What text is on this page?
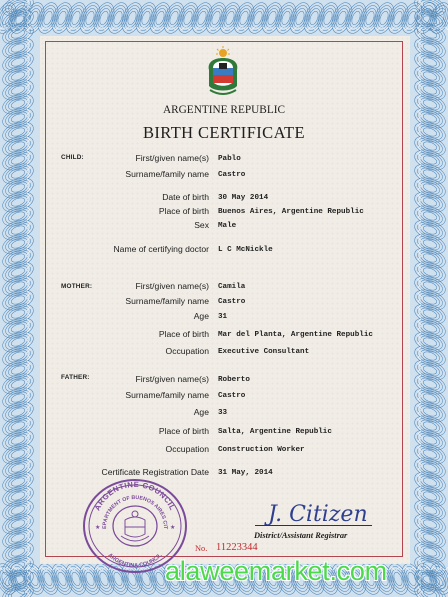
ARGENTINE REPUBLIC
BIRTH CERTIFICATE
CHILD:	First/given name(s) Pablo
Surname/family name Castro
Date of birth 30 May 2014
Place of birth Buenos Aires, Argentine Republic
Sex Male
Name of certifying doctor L C McNickle
MOTHER:	First/given name(s) Camila
Surname/family name Castro
Age 31
Place of birth Mar del Planta, Argentine Republic
Occupation Executive Consultant
FATHER:	First/given name(s) Roberto
Surname/family name Castro
Age 33
Place of birth Salta, Argentine Republic
Occupation Construction Worker
Certificate Registration Date 31 May, 2014
ARGENTINE COUNCIL
EPARTMENT OF BUENOS AIRES CIT
ARGENTINA COUNCIL
★	★
J. Citizen
District/Assistant Registrar
No. 11223344
alaweemarket.com
